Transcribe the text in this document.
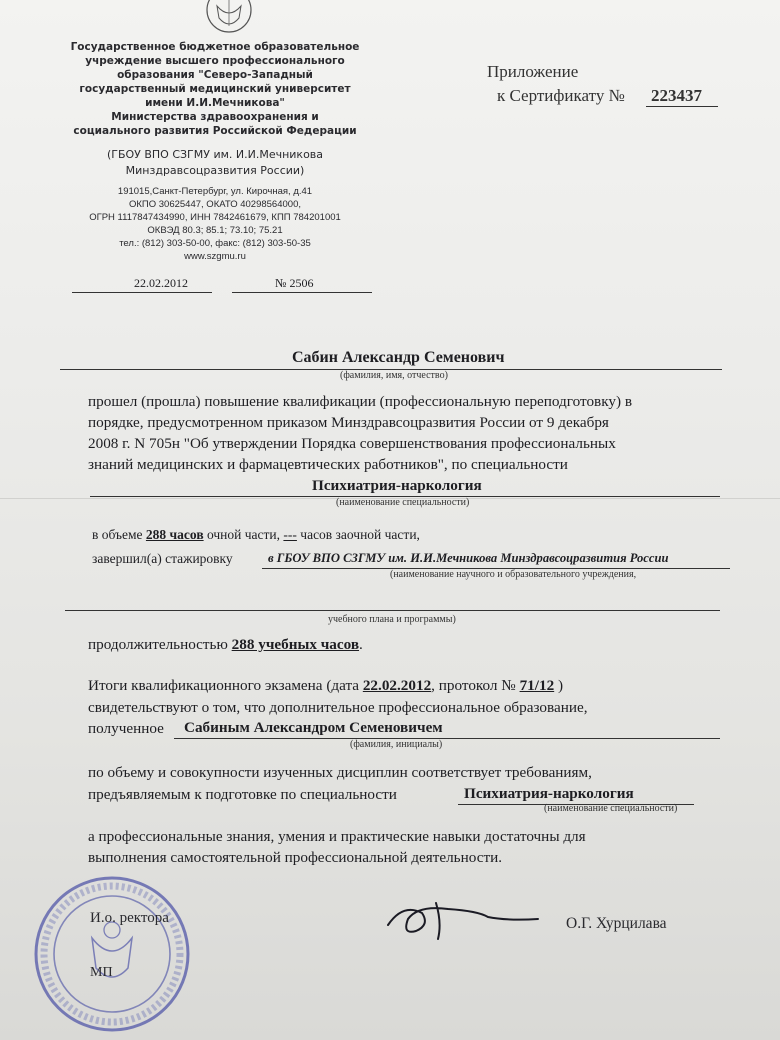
Государственное бюджетное образовательное
учреждение высшего профессионального
образования "Северо-Западный
государственный медицинский университет
имени И.И.Мечникова"
Министерства здравоохранения и
социального развития Российской Федерации
(ГБОУ ВПО СЗГМУ им. И.И.Мечникова
Минздравсоцразвития России)
191015,Санкт-Петербург, ул. Кирочная, д.41
ОКПО 30625447, ОКАТО 40298564000,
ОГРН 1117847434990, ИНН 7842461679, КПП 784201001
ОКВЭД 80.3; 85.1; 73.10; 75.21
тел.: (812) 303-50-00, факс: (812) 303-50-35
www.szgmu.ru
22.02.2012	№ 2506
Приложение
к Сертификату № 223437
Сабин Александр Семенович
(фамилия, имя, отчество)
прошел (прошла) повышение квалификации (профессиональную переподготовку) в
порядке, предусмотренном приказом Минздравсоцразвития России от 9 декабря
2008 г. N 705н "Об утверждении Порядка совершенствования профессиональных
знаний медицинских и фармацевтических работников", по специальности
Психиатрия-наркология
(наименование специальности)
в объеме 288 часов очной части, --- часов заочной части,
завершил(а) стажировку	в ГБОУ ВПО СЗГМУ им. И.И.Мечникова Минздравсоцразвития России
(наименование научного и образовательного учреждения,
учебного плана и программы)
продолжительностью 288 учебных часов.
Итоги квалификационного экзамена (дата 22.02.2012, протокол № 71/12 )
свидетельствуют о том, что дополнительное профессиональное образование,
полученное Сабиным Александром Семеновичем
(фамилия, инициалы)
по объему и совокупности изученных дисциплин соответствует требованиям,
предъявляемым к подготовке по специальности	Психиатрия-наркология
(наименование специальности)
а профессиональные знания, умения и практические навыки достаточны для
выполнения самостоятельной профессиональной деятельности.
И.о. ректора
МП
О.Г. Хурцилава
